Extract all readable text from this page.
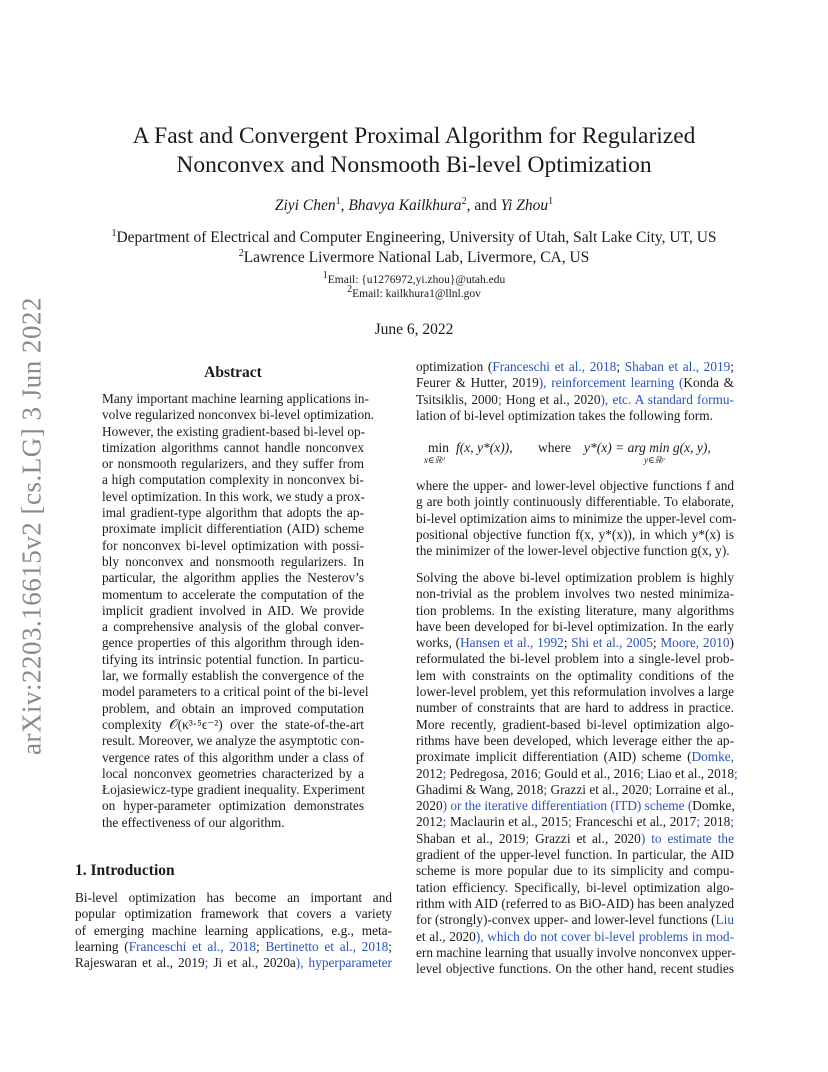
arXiv:2203.16615v2 [cs.LG] 3 Jun 2022
A Fast and Convergent Proximal Algorithm for Regularized
Nonconvex and Nonsmooth Bi-level Optimization
Ziyi Chen$^1$, Bhavya Kailkhura$^2$, and Yi Zhou$^1$
$^1$Department of Electrical and Computer Engineering, University of Utah, Salt Lake City, UT, US
$^2$Lawrence Livermore National Lab, Livermore, CA, US
$^1$Email: {u1276972,yi.zhou}@utah.edu
$^2$Email: kailkhura1@llnl.gov
June 6, 2022
Abstract
Many important machine learning applications in-
volve regularized nonconvex bi-level optimization.
However, the existing gradient-based bi-level op-
timization algorithms cannot handle nonconvex
or nonsmooth regularizers, and they suffer from
a high computation complexity in nonconvex bi-
level optimization. In this work, we study a prox-
imal gradient-type algorithm that adopts the ap-
proximate implicit differentiation (AID) scheme
for nonconvex bi-level optimization with possi-
bly nonconvex and nonsmooth regularizers. In
particular, the algorithm applies the Nesterov’s
momentum to accelerate the computation of the
implicit gradient involved in AID. We provide
a comprehensive analysis of the global conver-
gence properties of this algorithm through iden-
tifying its intrinsic potential function. In particu-
lar, we formally establish the convergence of the
model parameters to a critical point of the bi-level
problem, and obtain an improved computation
complexity 𝒪(κ³·⁵ϵ⁻²) over the state-of-the-art
result. Moreover, we analyze the asymptotic con-
vergence rates of this algorithm under a class of
local nonconvex geometries characterized by a
Łojasiewicz-type gradient inequality. Experiment
on hyper-parameter optimization demonstrates
the effectiveness of our algorithm.
1. Introduction
Bi-level optimization has become an important and
popular optimization framework that covers a variety
of emerging machine learning applications, e.g., meta-
learning (Franceschi et al., 2018; Bertinetto et al., 2018;
Rajeswaran et al., 2019; Ji et al., 2020a), hyperparameter
optimization (Franceschi et al., 2018; Shaban et al., 2019;
Feurer & Hutter, 2019), reinforcement learning (Konda &
Tsitsiklis, 2000; Hong et al., 2020), etc. A standard formu-
lation of bi-level optimization takes the following form.
min
x∈ℝᵈ
f(x, y*(x)), where y*(x) = arg min g(x, y),
y∈ℝᵖ
where the upper- and lower-level objective functions f and
g are both jointly continuously differentiable. To elaborate,
bi-level optimization aims to minimize the upper-level com-
positional objective function f(x, y*(x)), in which y*(x) is
the minimizer of the lower-level objective function g(x, y).
Solving the above bi-level optimization problem is highly
non-trivial as the problem involves two nested minimiza-
tion problems. In the existing literature, many algorithms
have been developed for bi-level optimization. In the early
works, (Hansen et al., 1992; Shi et al., 2005; Moore, 2010)
reformulated the bi-level problem into a single-level prob-
lem with constraints on the optimality conditions of the
lower-level problem, yet this reformulation involves a large
number of constraints that are hard to address in practice.
More recently, gradient-based bi-level optimization algo-
rithms have been developed, which leverage either the ap-
proximate implicit differentiation (AID) scheme (Domke,
2012; Pedregosa, 2016; Gould et al., 2016; Liao et al., 2018;
Ghadimi & Wang, 2018; Grazzi et al., 2020; Lorraine et al.,
2020) or the iterative differentiation (ITD) scheme (Domke,
2012; Maclaurin et al., 2015; Franceschi et al., 2017; 2018;
Shaban et al., 2019; Grazzi et al., 2020) to estimate the
gradient of the upper-level function. In particular, the AID
scheme is more popular due to its simplicity and compu-
tation efficiency. Specifically, bi-level optimization algo-
rithm with AID (referred to as BiO-AID) has been analyzed
for (strongly)-convex upper- and lower-level functions (Liu
et al., 2020), which do not cover bi-level problems in mod-
ern machine learning that usually involve nonconvex upper-
level objective functions. On the other hand, recent studies
